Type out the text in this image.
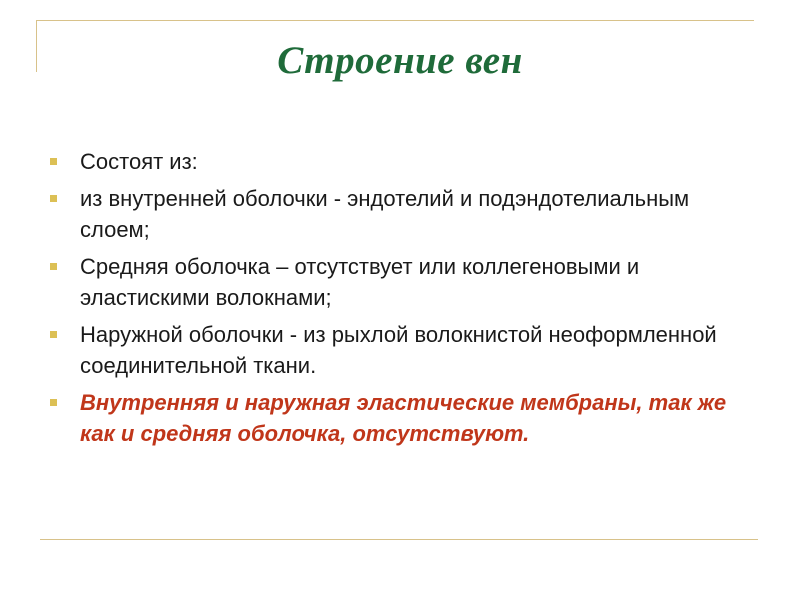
Строение вен
Состоят из:
из внутренней оболочки - эндотелий и подэндотелиальным слоем;
Средняя оболочка – отсутствует или коллегеновыми и эластискими волокнами;
Наружной оболочки - из рыхлой волокнистой неоформленной соединительной ткани.
Внутренняя и наружная эластические мембраны, так же как и средняя оболочка, отсутствуют.
